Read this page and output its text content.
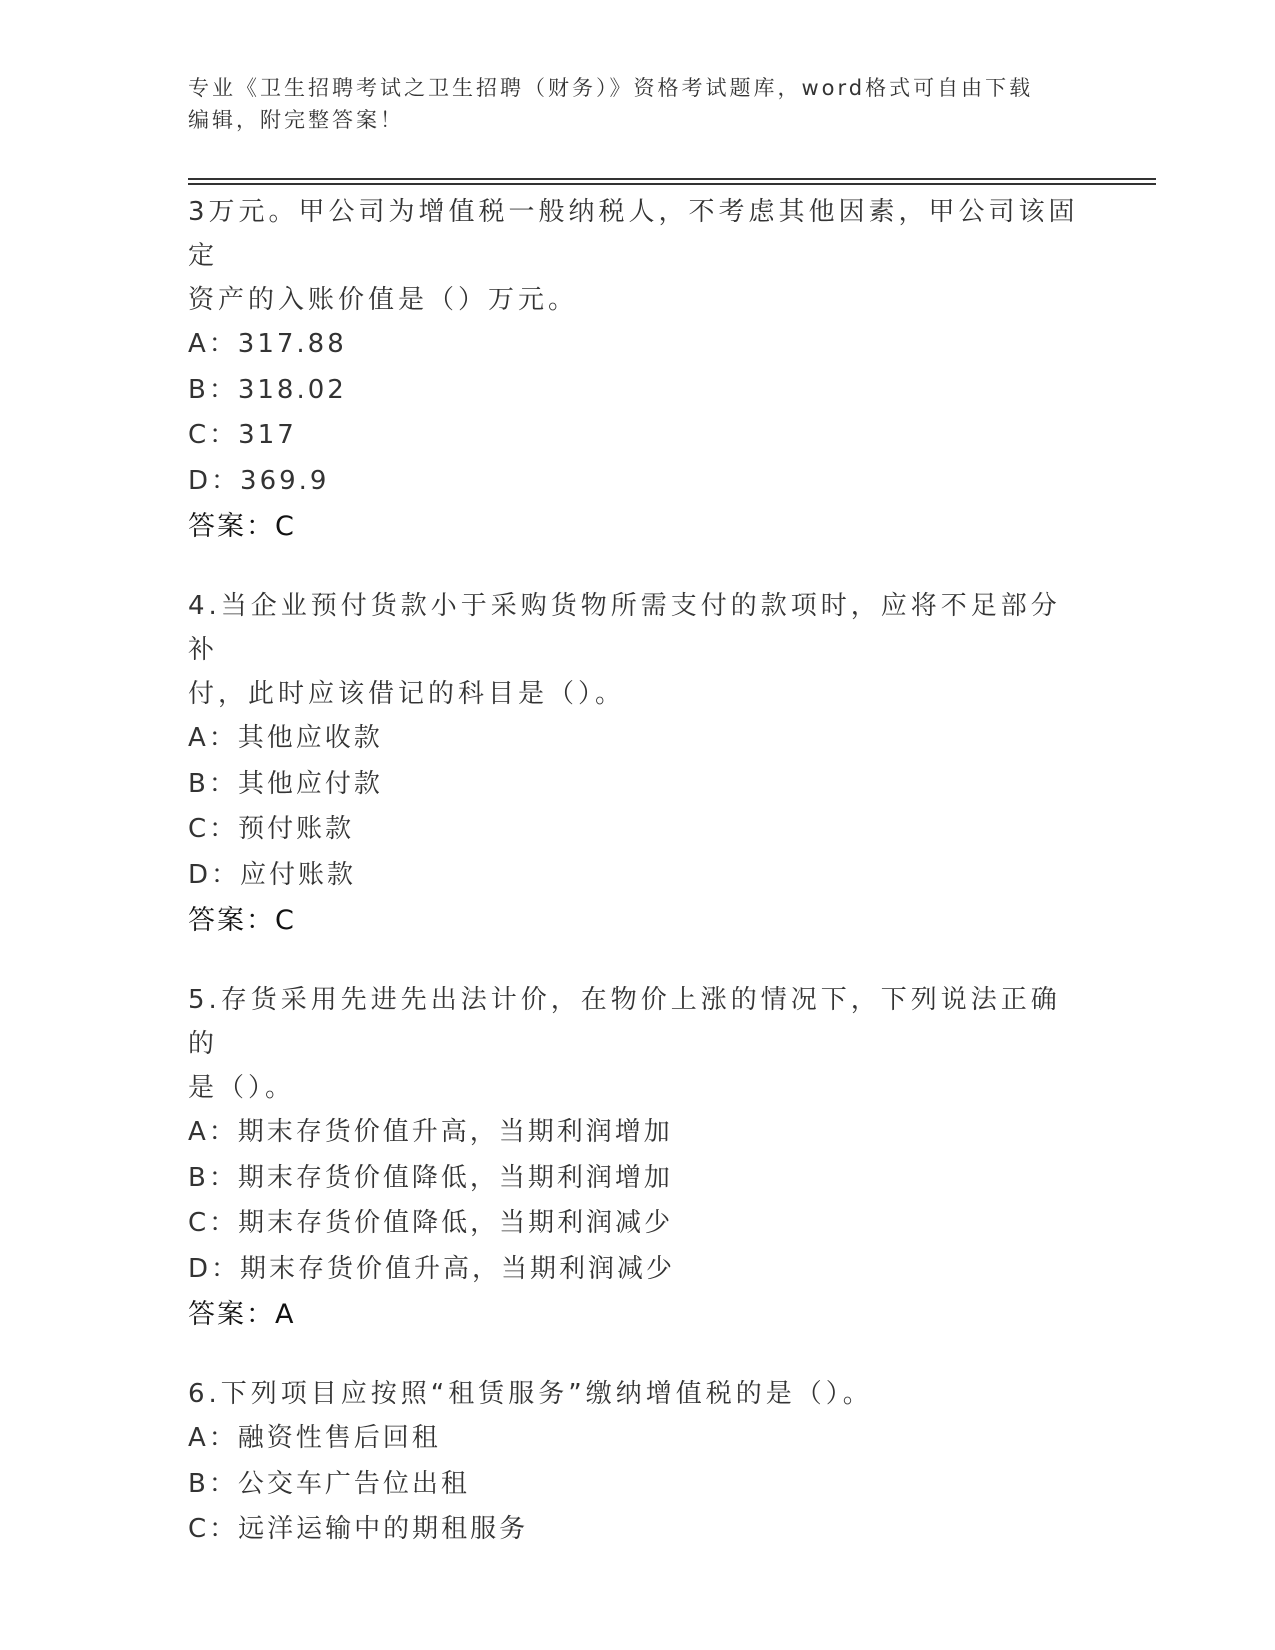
专业《卫生招聘考试之卫生招聘（财务）》资格考试题库，word格式可自由下载
编辑，附完整答案！

3万元。甲公司为增值税一般纳税人，不考虑其他因素，甲公司该固定
资产的入账价值是（）万元。

A：317.88
B：318.02
C：317
D：369.9
答案：C

4.当企业预付货款小于采购货物所需支付的款项时，应将不足部分补
付，此时应该借记的科目是（）。

A：其他应收款
B：其他应付款
C：预付账款
D：应付账款
答案：C

5.存货采用先进先出法计价，在物价上涨的情况下，下列说法正确的
是（）。

A：期末存货价值升高，当期利润增加
B：期末存货价值降低，当期利润增加
C：期末存货价值降低，当期利润减少
D：期末存货价值升高，当期利润减少
答案：A

6.下列项目应按照“租赁服务”缴纳增值税的是（）。

A：融资性售后回租
B：公交车广告位出租
C：远洋运输中的期租服务
